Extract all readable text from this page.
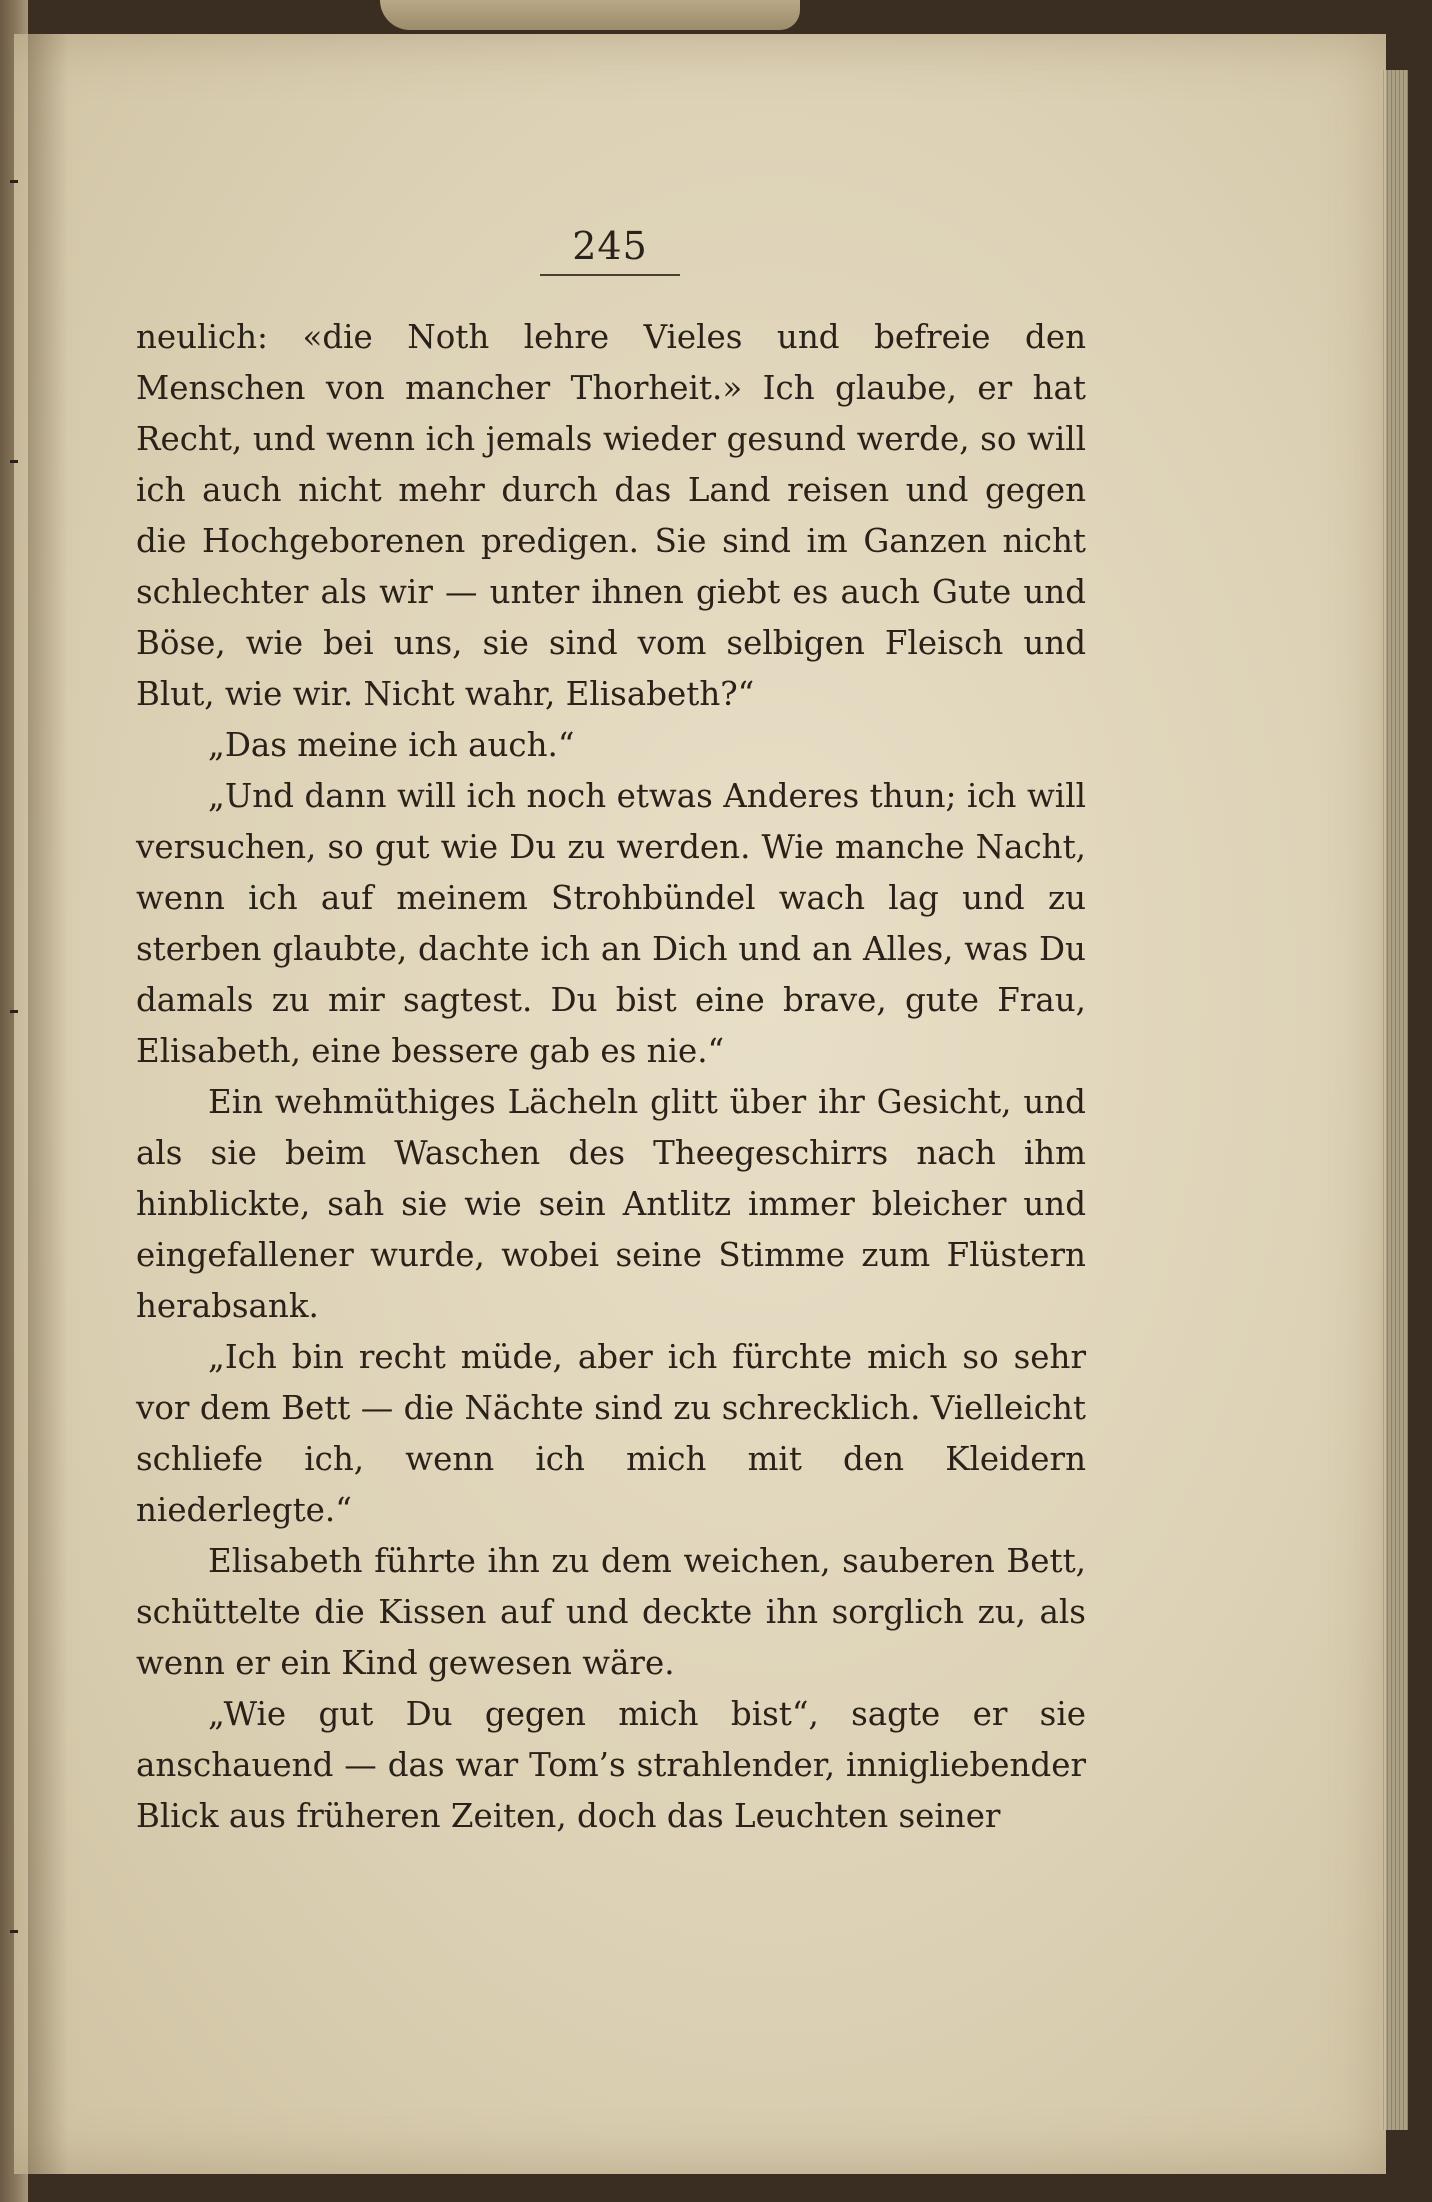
245

neulich: «die Noth lehre Vieles und befreie den Menschen von mancher Thorheit.» Ich glaube, er hat Recht, und wenn ich jemals wieder gesund werde, so will ich auch nicht mehr durch das Land reisen und gegen die Hochgeborenen predigen. Sie sind im Ganzen nicht schlechter als wir — unter ihnen giebt es auch Gute und Böse, wie bei uns, sie sind vom selbigen Fleisch und Blut, wie wir. Nicht wahr, Elisabeth?“

„Das meine ich auch.“

„Und dann will ich noch etwas Anderes thun; ich will versuchen, so gut wie Du zu werden. Wie manche Nacht, wenn ich auf meinem Strohbündel wach lag und zu sterben glaubte, dachte ich an Dich und an Alles, was Du damals zu mir sagtest. Du bist eine brave, gute Frau, Elisabeth, eine bessere gab es nie.“

Ein wehmüthiges Lächeln glitt über ihr Gesicht, und als sie beim Waschen des Theegeschirrs nach ihm hinblickte, sah sie wie sein Antlitz immer bleicher und eingefallener wurde, wobei seine Stimme zum Flüstern herabsank.

„Ich bin recht müde, aber ich fürchte mich so sehr vor dem Bett — die Nächte sind zu schrecklich. Vielleicht schliefe ich, wenn ich mich mit den Kleidern niederlegte.“

Elisabeth führte ihn zu dem weichen, sauberen Bett, schüttelte die Kissen auf und deckte ihn sorglich zu, als wenn er ein Kind gewesen wäre.

„Wie gut Du gegen mich bist“, sagte er sie anschauend — das war Tom’s strahlender, innigliebender Blick aus früheren Zeiten, doch das Leuchten seiner
